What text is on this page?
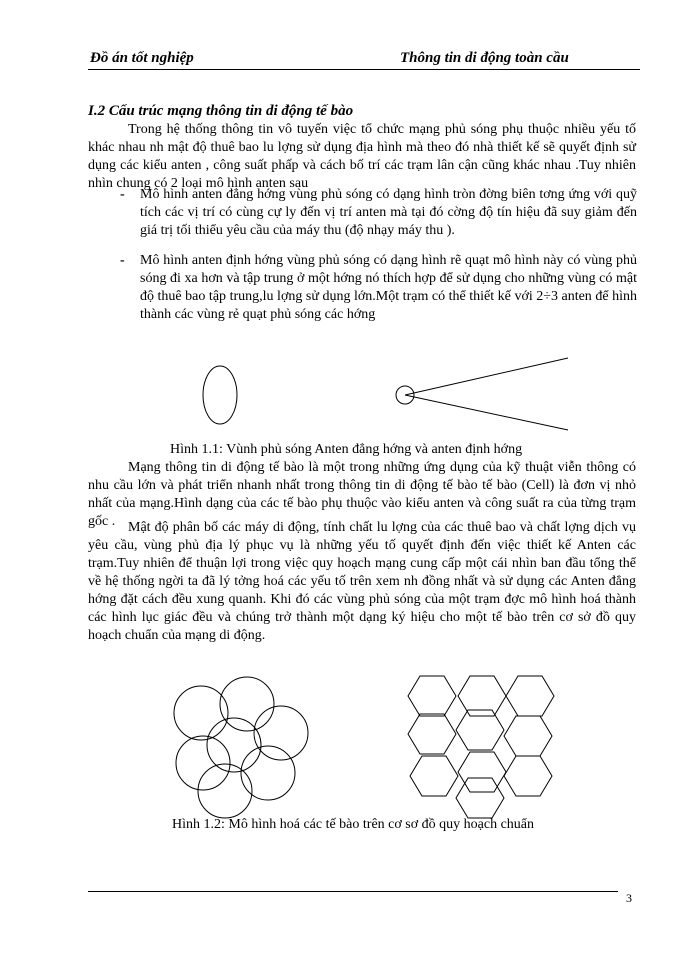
Đồ án tốt nghiệp	Thông tin di động toàn cầu
I.2 Cấu trúc mạng thông tin di động tế bào
Trong hệ thống thông tin vô tuyến việc tổ chức mạng phủ sóng phụ thuộc nhiều yếu tố khác nhau nh mật độ thuê bao lu lợng sử dụng địa hình mà theo đó nhà thiết kế sẽ quyết định sử dụng các kiểu anten , công suất phấp và cách bố trí các trạm lân cận cũng khác nhau .Tuy nhiên nhìn chung có 2 loại mô hình anten sau
- Mô hình anten đẳng hớng vùng phủ sóng có dạng hình tròn đờng biên tơng ứng với quỹ tích các vị trí có cùng cự ly đến vị trí anten mà tại đó cờng độ tín hiệu đã suy giảm đến giá trị tối thiểu yêu cầu của máy thu (độ nhạy máy thu ).
- Mô hình anten định hớng vùng phủ sóng có dạng hình rẽ quạt mô hình này có vùng phủ sóng đi xa hơn và tập trung ở một hớng nó thích hợp để sử dụng cho những vùng có mật độ thuê bao tập trung,lu lợng sử dụng lớn.Một trạm có thể thiết kế với 2÷3 anten để hình thành các vùng rẻ quạt phủ sóng các hớng
Hình 1.1: Vùnh phủ sóng Anten đẳng hớng và anten định hớng
Mạng thông tin di động tế bào là một trong những ứng dụng của kỹ thuật viễn thông có nhu cầu lớn và phát triển nhanh nhất trong thông tin di động tế bào tế bào (Cell) là đơn vị nhỏ nhất của mạng.Hình dạng của các tế bào phụ thuộc vào kiểu anten và công suất ra của từng trạm gốc . Mật độ phân bố các máy di động, tính chất lu lợng của các thuê bao và chất lợng dịch vụ yêu cầu, vùng phủ địa lý phục vụ là những yếu tố quyết định đến việc thiết kế Anten các trạm.Tuy nhiên để thuận lợi trong việc quy hoạch mạng cung cấp một cái nhìn ban đầu tổng thể về hệ thống ngời ta đã lý tởng hoá các yếu tố trên xem nh đồng nhất và sử dụng các Anten đẳng hớng đặt cách đều xung quanh. Khi đó các vùng phủ sóng của một trạm đợc mô hình hoá thành các hình lục giác đều và chúng trở thành một dạng ký hiệu cho một tế bào trên cơ sở đồ quy hoạch chuẩn của mạng di động.
Hình 1.2: Mô hình hoá các tế bào trên cơ sơ đồ quy hoạch chuẩn
3
